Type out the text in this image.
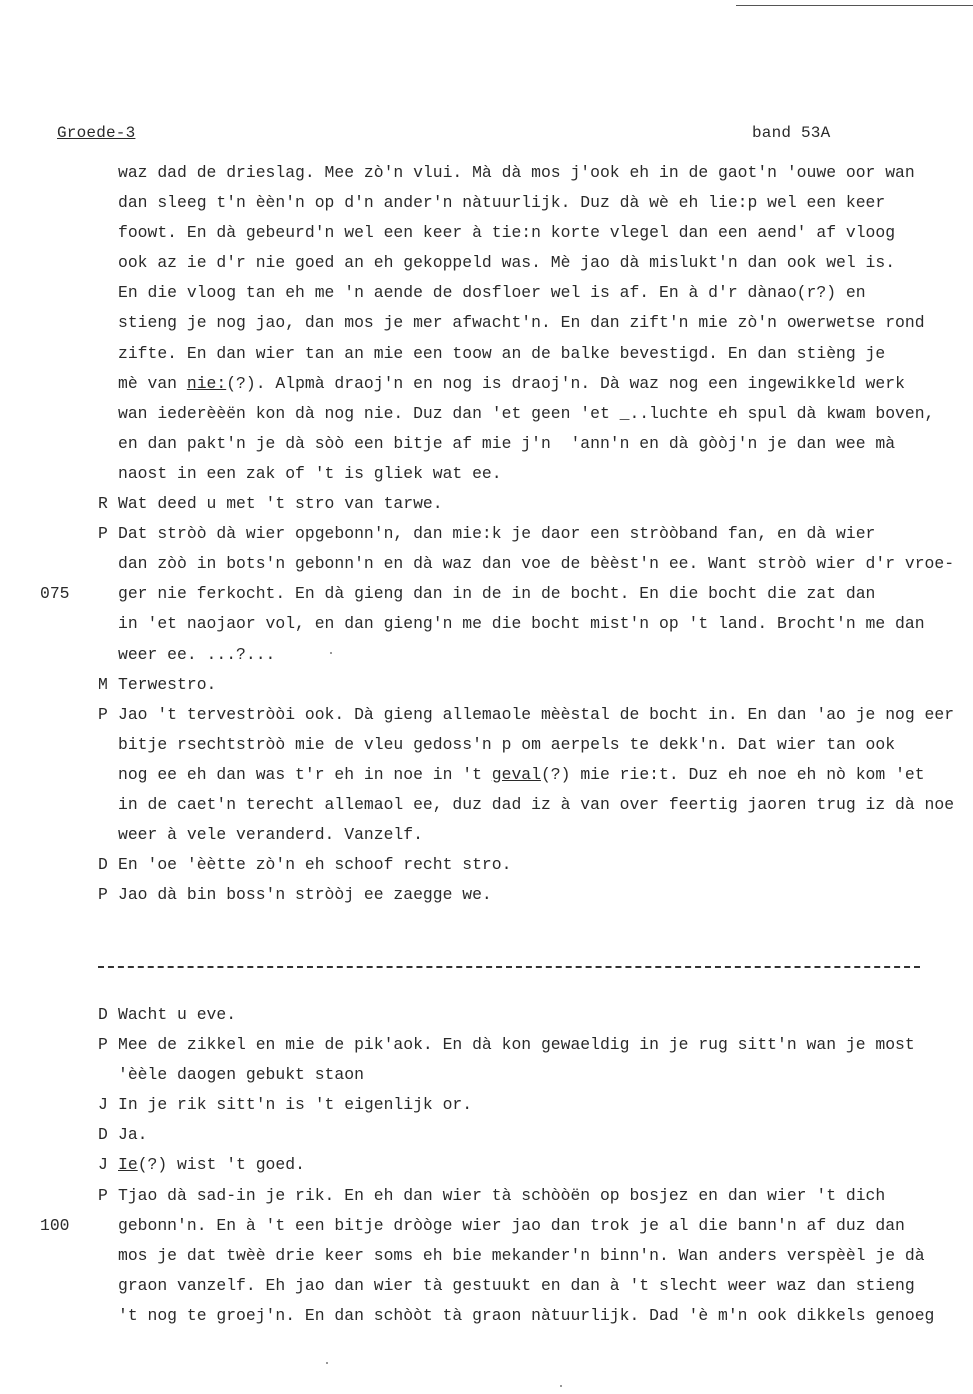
Groede-3	band 53A
waz dad de drieslag. Mee zò'n vlui. Mà dà mos j'ook eh in de gaot'n 'ouwe oor wan
dan sleeg t'n èèn'n op d'n ander'n nàtuurlijk. Duz dà wè eh lie:p wel een keer
foowt. En dà gebeurd'n wel een keer à tie:n korte vlegel dan een aend' af vloog
ook az ie d'r nie goed an eh gekoppeld was. Mè jao dà mislukt'n dan ook wel is.
En die vloog tan eh me 'n aende de dosfloer wel is af. En à d'r dànao(r?) en
stieng je nog jao, dan mos je mer afwacht'n. En dan zift'n mie zò'n owerwetse rond
zifte. En dan wier tan an mie een toow an de balke bevestigd. En dan stièng je
mè van nie:(?). Alpmà draoj'n en nog is draoj'n. Dà waz nog een ingewikkeld werk
wan iederèèën kon dà nog nie. Duz dan 'et geen 'et _..luchte eh spul dà kwam boven,
en dan pakt'n je dà sòò een bitje af mie j'n  'ann'n en dà gòòj'n je dan wee mà
naost in een zak of 't is gliek wat ee.
R Wat deed u met 't stro van tarwe.
P Dat stròò dà wier opgebonn'n, dan mie:k je daor een stròòband fan, en dà wier
dan zòò in bots'n gebonn'n en dà waz dan voe de bèèst'n ee. Want stròò wier d'r vroe-
075	ger nie ferkocht. En dà gieng dan in de in de bocht. En die bocht die zat dan
in 'et naojaor vol, en dan gieng'n me die bocht mist'n op 't land. Brocht'n me dan
weer ee. ...?...
M Terwestro.
P Jao 't tervestròòi ook. Dà gieng allemaole mèèstal de bocht in. En dan 'ao je nog eer
bitje rsechtstròò mie de vleu gedoss'n p om aerpels te dekk'n. Dat wier tan ook
nog ee eh dan was t'r eh in noe in 't geval(?) mie rie:t. Duz eh noe eh nò kom 'et
in de caet'n terecht allemaol ee, duz dad iz à van over feertig jaoren trug iz dà noe
weer à vele veranderd. Vanzelf.
D En 'oe 'èètte zò'n eh schoof recht stro.
P Jao dà bin boss'n stròòj ee zaegge we.
D Wacht u eve.
P Mee de zikkel en mie de pik'aok. En dà kon gewaeldig in je rug sitt'n wan je most
'èèle daogen gebukt staon
J In je rik sitt'n is 't eigenlijk or.
D Ja.
J Ie(?) wist 't goed.
P Tjao dà sad-in je rik. En eh dan wier tà schòòën op bosjez en dan wier 't dich
100	gebonn'n. En à 't een bitje dròòge wier jao dan trok je al die bann'n af duz dan
mos je dat twèè drie keer soms eh bie mekander'n binn'n. Wan anders verspèèl je dà
graon vanzelf. Eh jao dan wier tà gestuukt en dan à 't slecht weer waz dan stieng
't nog te groej'n. En dan schòòt tà graon nàtuurlijk. Dad 'è m'n ook dikkels genoeg
